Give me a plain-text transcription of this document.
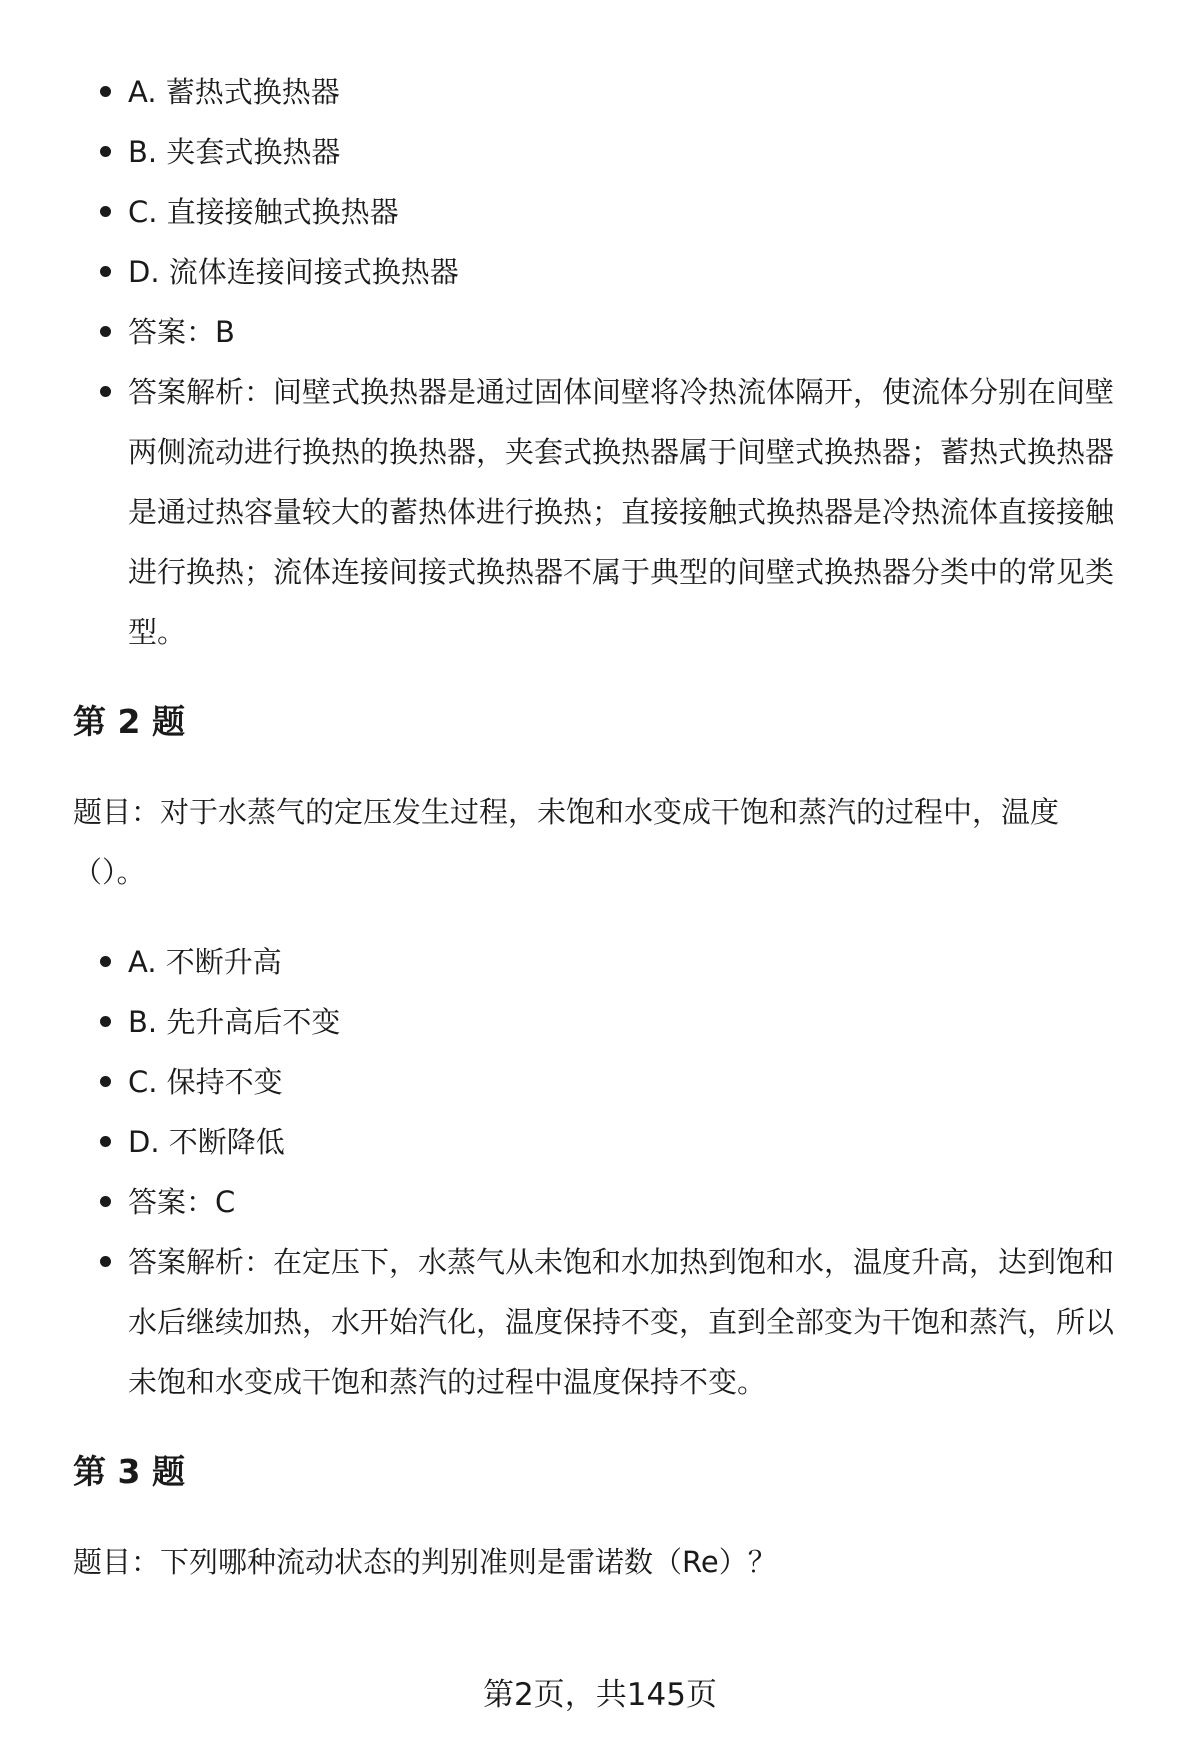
A. 蓄热式换热器
B. 夹套式换热器
C. 直接接触式换热器
D. 流体连接间接式换热器
答案：B
答案解析：间壁式换热器是通过固体间壁将冷热流体隔开，使流体分别在间壁两侧流动进行换热的换热器，夹套式换热器属于间壁式换热器；蓄热式换热器是通过热容量较大的蓄热体进行换热；直接接触式换热器是冷热流体直接接触进行换热；流体连接间接式换热器不属于典型的间壁式换热器分类中的常见类型。
第 2 题

题目：对于水蒸气的定压发生过程，未饱和水变成干饱和蒸汽的过程中，温度（）。

A. 不断升高
B. 先升高后不变
C. 保持不变
D. 不断降低
答案：C
答案解析：在定压下，水蒸气从未饱和水加热到饱和水，温度升高，达到饱和水后继续加热，水开始汽化，温度保持不变，直到全部变为干饱和蒸汽，所以未饱和水变成干饱和蒸汽的过程中温度保持不变。
第 3 题

题目：下列哪种流动状态的判别准则是雷诺数（Re）？

第2页，共145页
